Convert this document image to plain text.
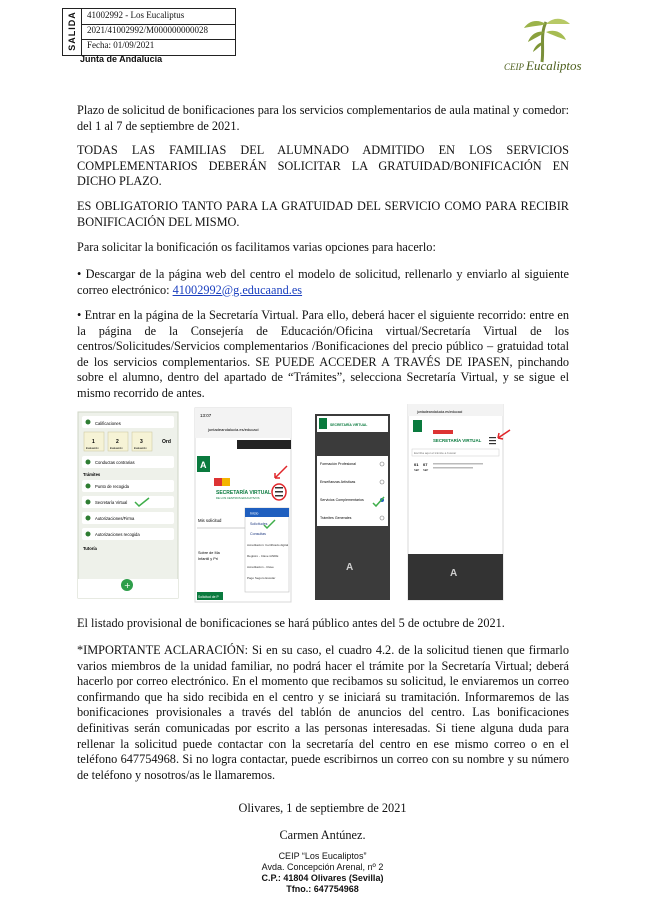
SALIDA 41002992 - Los Eucaliptus
2021/41002992/M000000000028
Fecha: 01/09/2021
Junta de Andalucía
CEIP Eucaliptos

Plazo de solicitud de bonificaciones para los servicios complementarios de aula matinal y comedor: del 1 al 7 de septiembre de 2021.

TODAS LAS FAMILIAS DEL ALUMNADO ADMITIDO EN LOS SERVICIOS COMPLEMENTARIOS DEBERÁN SOLICITAR LA GRATUIDAD/BONIFICACIÓN EN DICHO PLAZO.

ES OBLIGATORIO TANTO PARA LA GRATUIDAD DEL SERVICIO COMO PARA RECIBIR BONIFICACIÓN DEL MISMO.

Para solicitar la bonificación os facilitamos varias opciones para hacerlo:

• Descargar de la página web del centro el modelo de solicitud, rellenarlo y enviarlo al siguiente correo electrónico: 41002992@g.educaand.es

• Entrar en la página de la Secretaría Virtual. Para ello, deberá hacer el siguiente recorrido: entre en la página de la Consejería de Educación/Oficina virtual/Secretaría Virtual de los centros/Solicitudes/Servicios complementarios /Bonificaciones del precio público – gratuidad total de los servicios complementarios. SE PUEDE ACCEDER A TRAVÉS DE IPASEN, pinchando sobre el alumno, dentro del apartado de “Trámites”, selecciona Secretaría Virtual, y se sigue el mismo recorrido de antes.

Calificaciones
1	2	3	Ord
Evaluación	Evaluación	Evaluación
Conductas contrarias
Trámites
Punto de recogida
Secretaría Virtual
Autorizaciones/Firma
Autorizaciones recogida
Tutoría
+
13:07
juntadeandalucia.es/educaci
A
SECRETARÍA VIRTUAL
DE LOS CENTROS EDUCATIVOS
Mis solicitud
Sobre de Ma
Infantil y Pri
Solicitud de P
Inicio
Solicitudes
Consultas
Acreditación: Certificado digital
Registro - Clave iANDE
Acreditación - Clave
Pago Seguro Escolar
SECRETARÍA VIRTUAL
Formación Profesional
Enseñanzas Artísticas
Servicios Complementarios
Trámites Generales
A
juntadeandalucia.es/educaci
SECRETARÍA VIRTUAL
Escriba aquí el trámite a buscar
01
SEP
07
SEP
A

El listado provisional de bonificaciones se hará público antes del 5 de octubre de 2021.

*IMPORTANTE ACLARACIÓN: Si en su caso, el cuadro 4.2. de la solicitud tienen que firmarlo varios miembros de la unidad familiar, no podrá hacer el trámite por la Secretaría Virtual; deberá hacerlo por correo electrónico. En el momento que recibamos su solicitud, le enviaremos un correo confirmando que ha sido recibida en el centro y se iniciará su tramitación. Informaremos de las bonificaciones provisionales a través del tablón de anuncios del centro. Las bonificaciones definitivas serán comunicadas por escrito a las personas interesadas. Si tiene alguna duda para rellenar la solicitud puede contactar con la secretaría del centro en ese mismo correo o en el teléfono 647754968. Si no logra contactar, puede escribirnos un correo con su nombre y su número de teléfono y nosotros/as le llamaremos.

Olivares, 1 de septiembre de 2021
Carmen Antúnez.
CEIP “Los Eucaliptos”
Avda. Concepción Arenal, nº 2
C.P.: 41804 Olivares (Sevilla)
Tfno.: 647754968
